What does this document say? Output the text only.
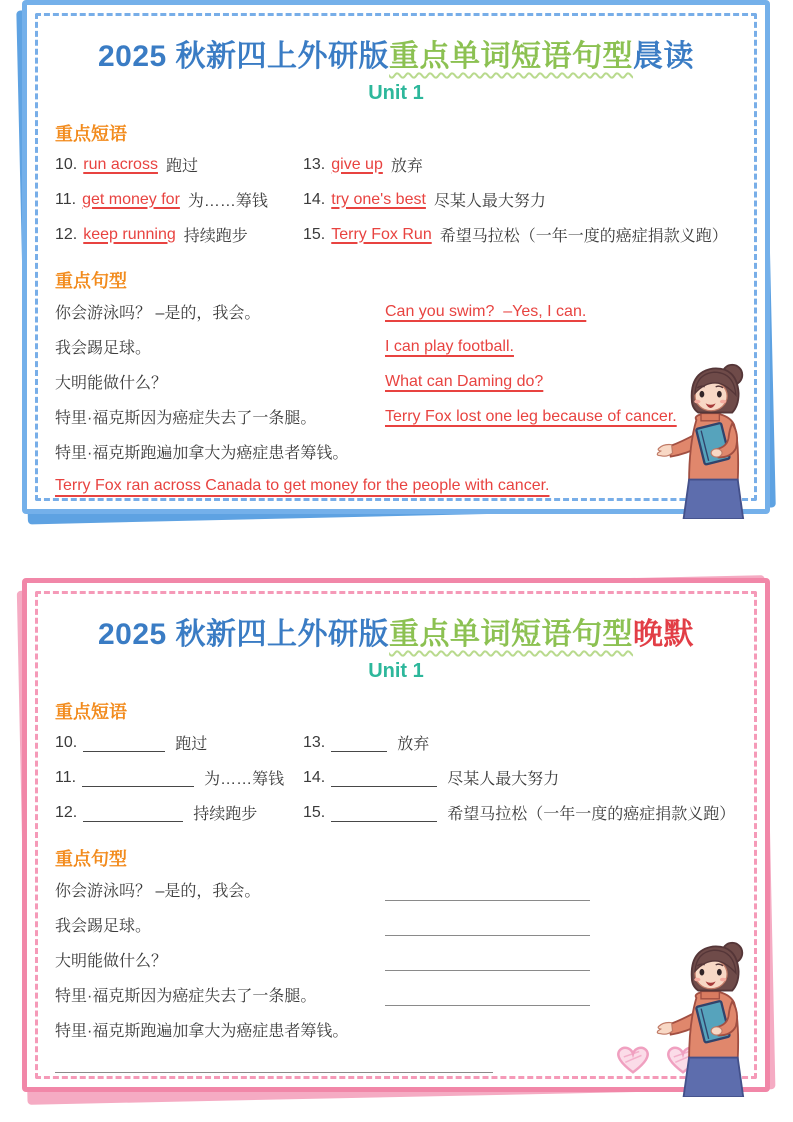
2025 秋新四上外研版重点单词短语句型晨读
Unit 1
重点短语
10. run across 跑过
11. get money for 为……筹钱
12. keep running 持续跑步
13. give up 放弃
14. try one's best 尽某人最大努力
15. Terry Fox Run 希望马拉松（一年一度的癌症捐款义跑）
重点句型
你会游泳吗？ –是的，我会。	Can you swim?  –Yes, I can.
我会踢足球。	I can play football.
大明能做什么？	What can Daming do?
特里·福克斯因为癌症失去了一条腿。	Terry Fox lost one leg because of cancer.
特里·福克斯跑遍加拿大为癌症患者筹钱。
Terry Fox ran across Canada to get money for the people with cancer.
2025 秋新四上外研版重点单词短语句型晚默
Unit 1
重点短语
10.	跑过
11.	为……筹钱
12.	持续跑步
13.	放弃
14.	尽某人最大努力
15.	希望马拉松（一年一度的癌症捐款义跑）
重点句型
你会游泳吗？ –是的，我会。
我会踢足球。
大明能做什么？
特里·福克斯因为癌症失去了一条腿。
特里·福克斯跑遍加拿大为癌症患者筹钱。
